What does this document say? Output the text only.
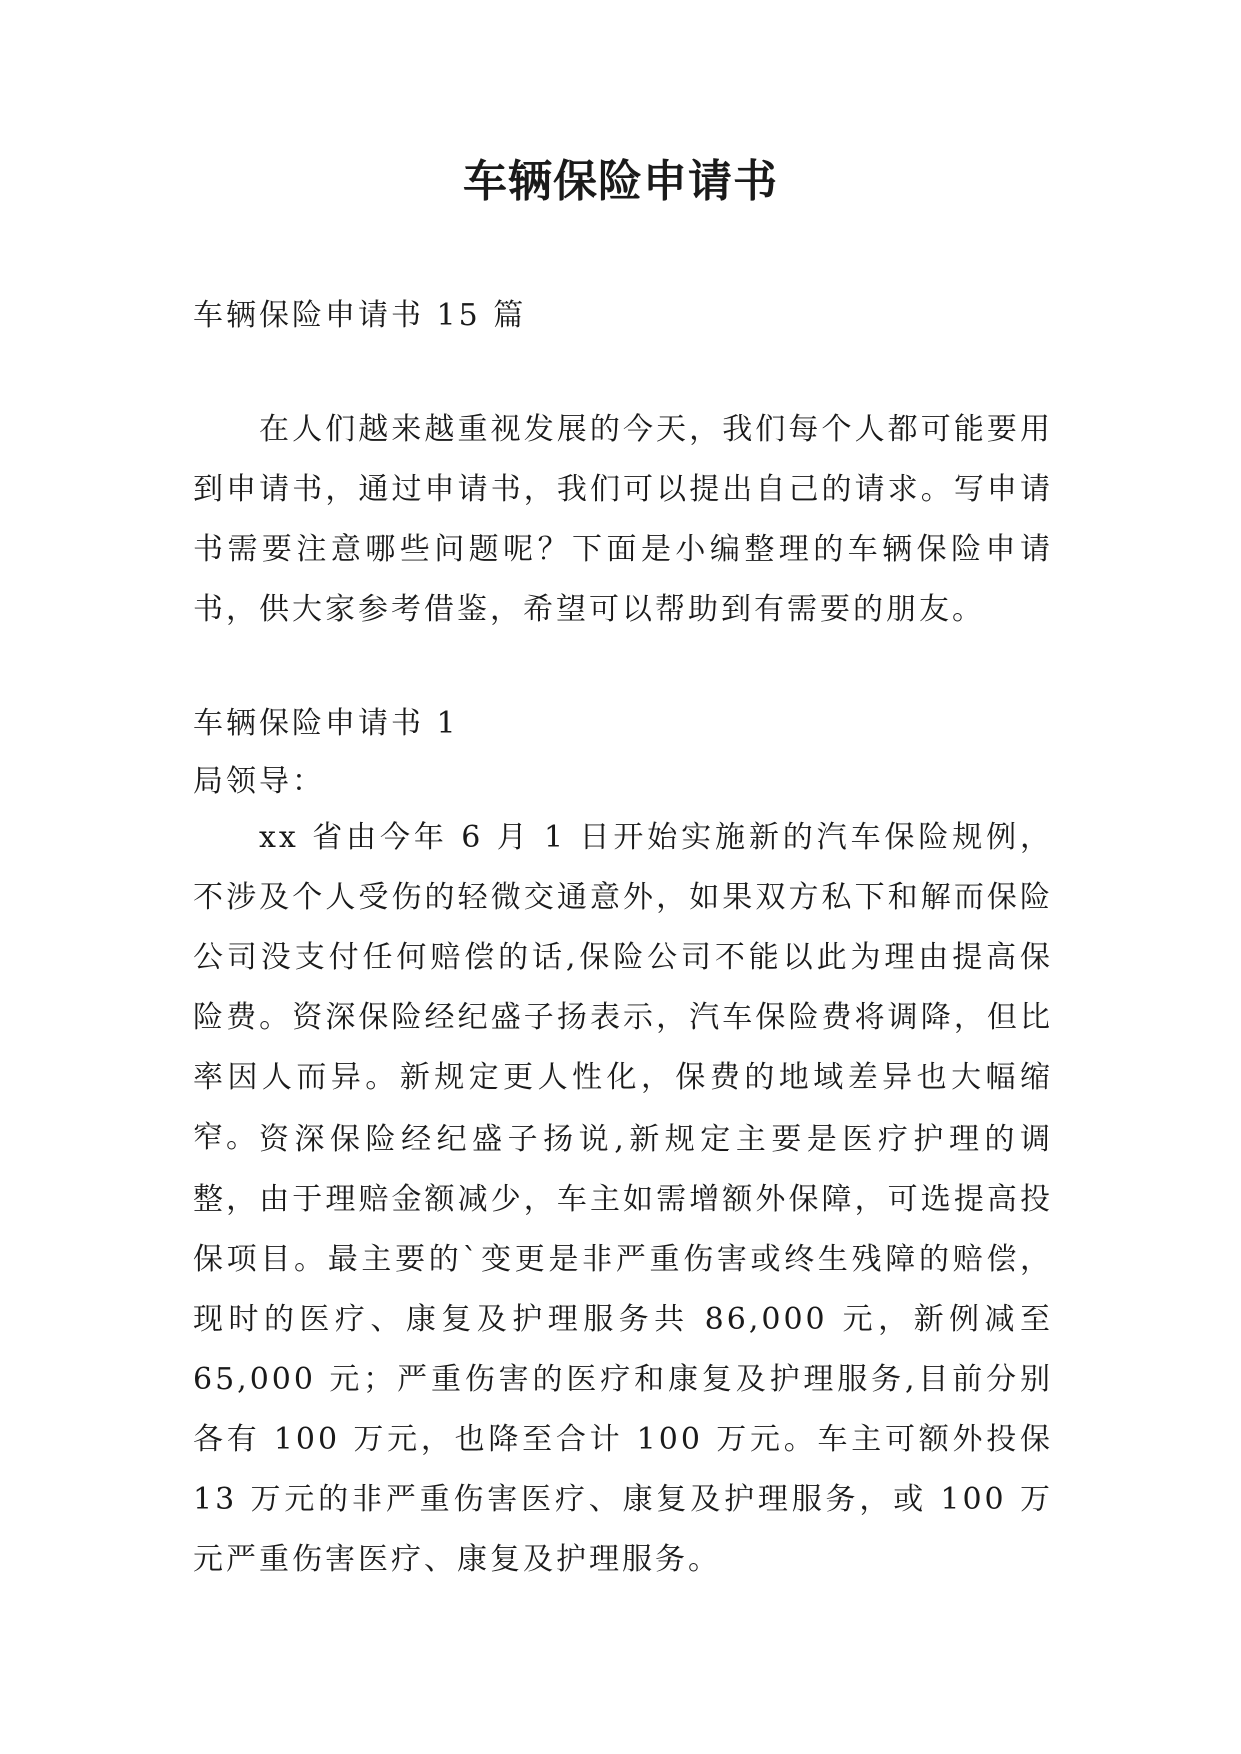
车辆保险申请书

车辆保险申请书 15 篇

在人们越来越重视发展的今天，我们每个人都可能要用到申请书，通过申请书，我们可以提出自己的请求。写申请书需要注意哪些问题呢？下面是小编整理的车辆保险申请书，供大家参考借鉴，希望可以帮助到有需要的朋友。

车辆保险申请书 1

局领导：

xx 省由今年 6 月 1 日开始实施新的汽车保险规例，不涉及个人受伤的轻微交通意外，如果双方私下和解而保险公司没支付任何赔偿的话,保险公司不能以此为理由提高保险费。资深保险经纪盛子扬表示，汽车保险费将调降，但比率因人而异。新规定更人性化，保费的地域差异也大幅缩窄。 资深保险经纪盛子扬说,新规定主要是医疗护理的调整，由于理赔金额减少，车主如需增额外保障，可选提高投保项目。最主要的`变更是非严重伤害或终生残障的赔偿，现时的医疗、康复及护理服务共 86,000 元，新例减至 65,000 元；严重伤害的医疗和康复及护理服务,目前分别各有 100 万元，也降至合计 100 万元。车主可额外投保 13 万元的非严重伤害医疗、康复及护理服务，或 100 万元严重伤害医疗、康复及护理服务。
